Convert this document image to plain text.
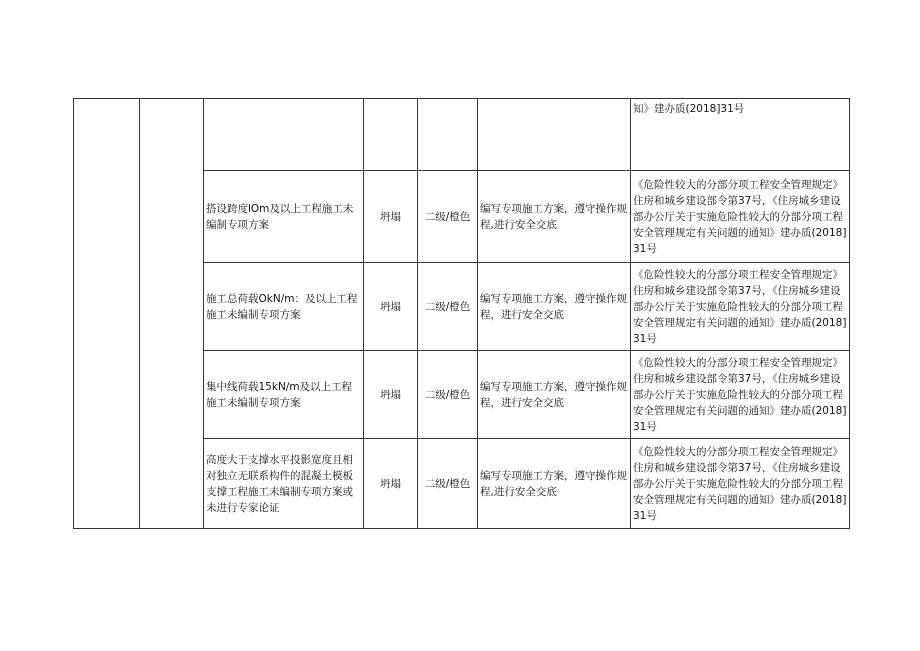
						知》建办质(2018]31号
		搭设跨度lOm及以上工程施工未编制专项方案	坍塌	二级/橙色	编写专项施工方案，遵守操作规程,进行安全交底	《危险性较大的分部分项工程安全管理规定》住房和城乡建设部令第37号，《住房城乡建设部办公厅关于实施危险性较大的分部分项工程安全管理规定有关问题的通知》建办质(2018]31号
		施工总荷载OkN/m：及以上工程施工未编制专项方案	坍塌	二级/橙色	编写专项施工方案，遵守操作规程，进行安全交底	《危险性较大的分部分项工程安全管理规定》住房和城乡建设部令第37号，《住房城乡建设部办公厅关于实施危险性较大的分部分项工程安全管理规定有关问题的通知》建办质(2018]31号
		集中线荷载15kN∕m及以上工程施工未编制专项方案	坍塌	二级/橙色	编写专项施工方案，遵守操作规程，进行安全交底	《危险性较大的分部分项工程安全管理规定》住房和城乡建设部令第37号，《住房城乡建设部办公厅关于实施危险性较大的分部分项工程安全管理规定有关问题的通知》建办质(2018]31号
		高度大于支撑水平投影宽度且相对独立无联系构件的混凝土模板支撑工程施工未编制专项方案或未进行专家论证	坍塌	二级/橙色	编写专项施工方案，遵守操作规程,进行安全交底	《危险性较大的分部分项工程安全管理规定》住房和城乡建设部令第37号，《住房城乡建设部办公厅关于实施危险性较大的分部分项工程安全管理规定有关问题的通知》建办质(2018]31号
